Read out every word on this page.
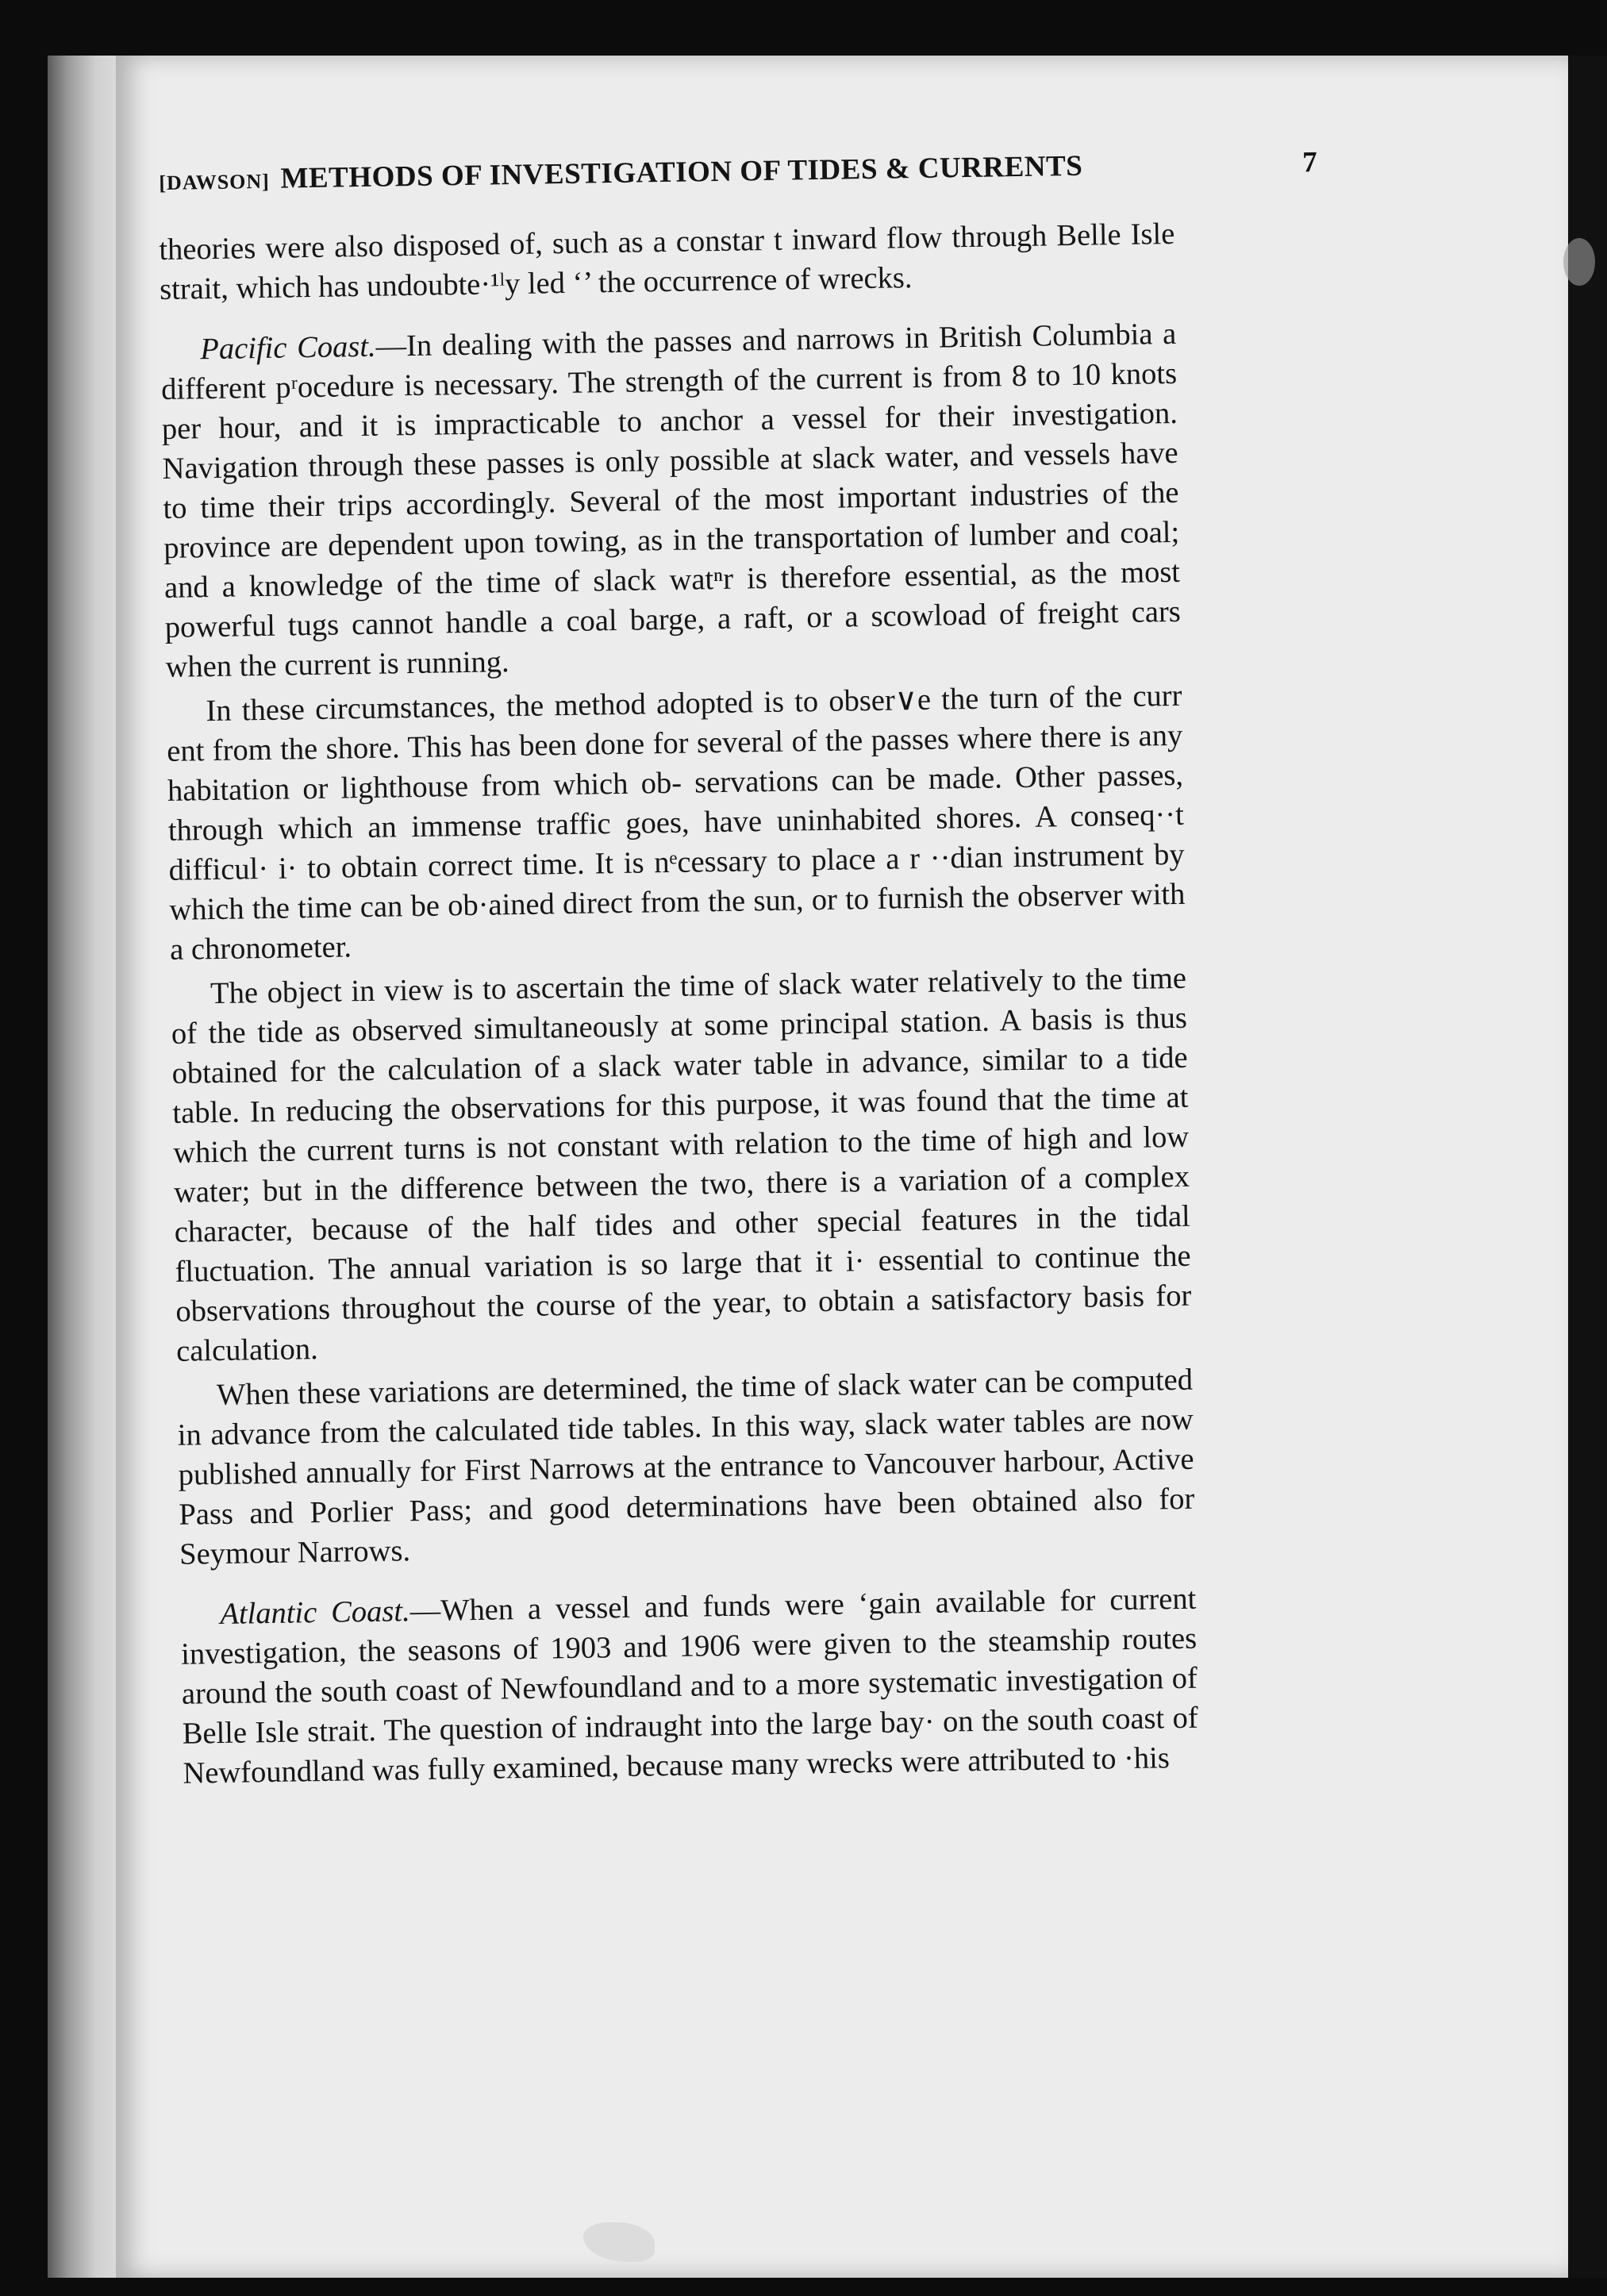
[DAWSON] METHODS OF INVESTIGATION OF TIDES & CURRENTS	7

theories were also disposed of, such as a constar t inward flow through Belle Isle strait, which has undoubte·¹ˡy led ‘’ the occurrence of wrecks.

Pacific Coast.—In dealing with the passes and narrows in British Columbia a different pʳocedure is necessary. The strength of the current is from 8 to 10 knots per hour, and it is impracticable to anchor a vessel for their investigation. Navigation through these passes is only possible at slack water, and vessels have to time their trips accordingly. Several of the most important industries of the province are dependent upon towing, as in the transportation of lumber and coal; and a knowledge of the time of slack watⁿr is therefore essential, as the most powerful tugs cannot handle a coal barge, a raft, or a scowload of freight cars when the current is running.

In these circumstances, the method adopted is to obser∨e the turn of the curr ent from the shore. This has been done for several of the passes where there is any habitation or lighthouse from which ob- servations can be made. Other passes, through which an immense traffic goes, have uninhabited shores. A conseq··t difficul· i· to obtain correct time. It is nᵉcessary to place a r ··dian instrument by which the time can be ob·ained direct from the sun, or to furnish the observer with a chronometer.

The object in view is to ascertain the time of slack water relatively to the time of the tide as observed simultaneously at some principal station. A basis is thus obtained for the calculation of a slack water table in advance, similar to a tide table. In reducing the observations for this purpose, it was found that the time at which the current turns is not constant with relation to the time of high and low water; but in the difference between the two, there is a variation of a complex character, because of the half tides and other special features in the tidal fluctuation. The annual variation is so large that it i· essential to continue the observations throughout the course of the year, to obtain a satisfactory basis for calculation.

When these variations are determined, the time of slack water can be computed in advance from the calculated tide tables. In this way, slack water tables are now published annually for First Narrows at the entrance to Vancouver harbour, Active Pass and Porlier Pass; and good determinations have been obtained also for Seymour Narrows.

Atlantic Coast.—When a vessel and funds were ‘gain available for current investigation, the seasons of 1903 and 1906 were given to the steamship routes around the south coast of Newfoundland and to a more systematic investigation of Belle Isle strait. The question of indraught into the large bay· on the south coast of Newfoundland was fully examined, because many wrecks were attributed to ·his
